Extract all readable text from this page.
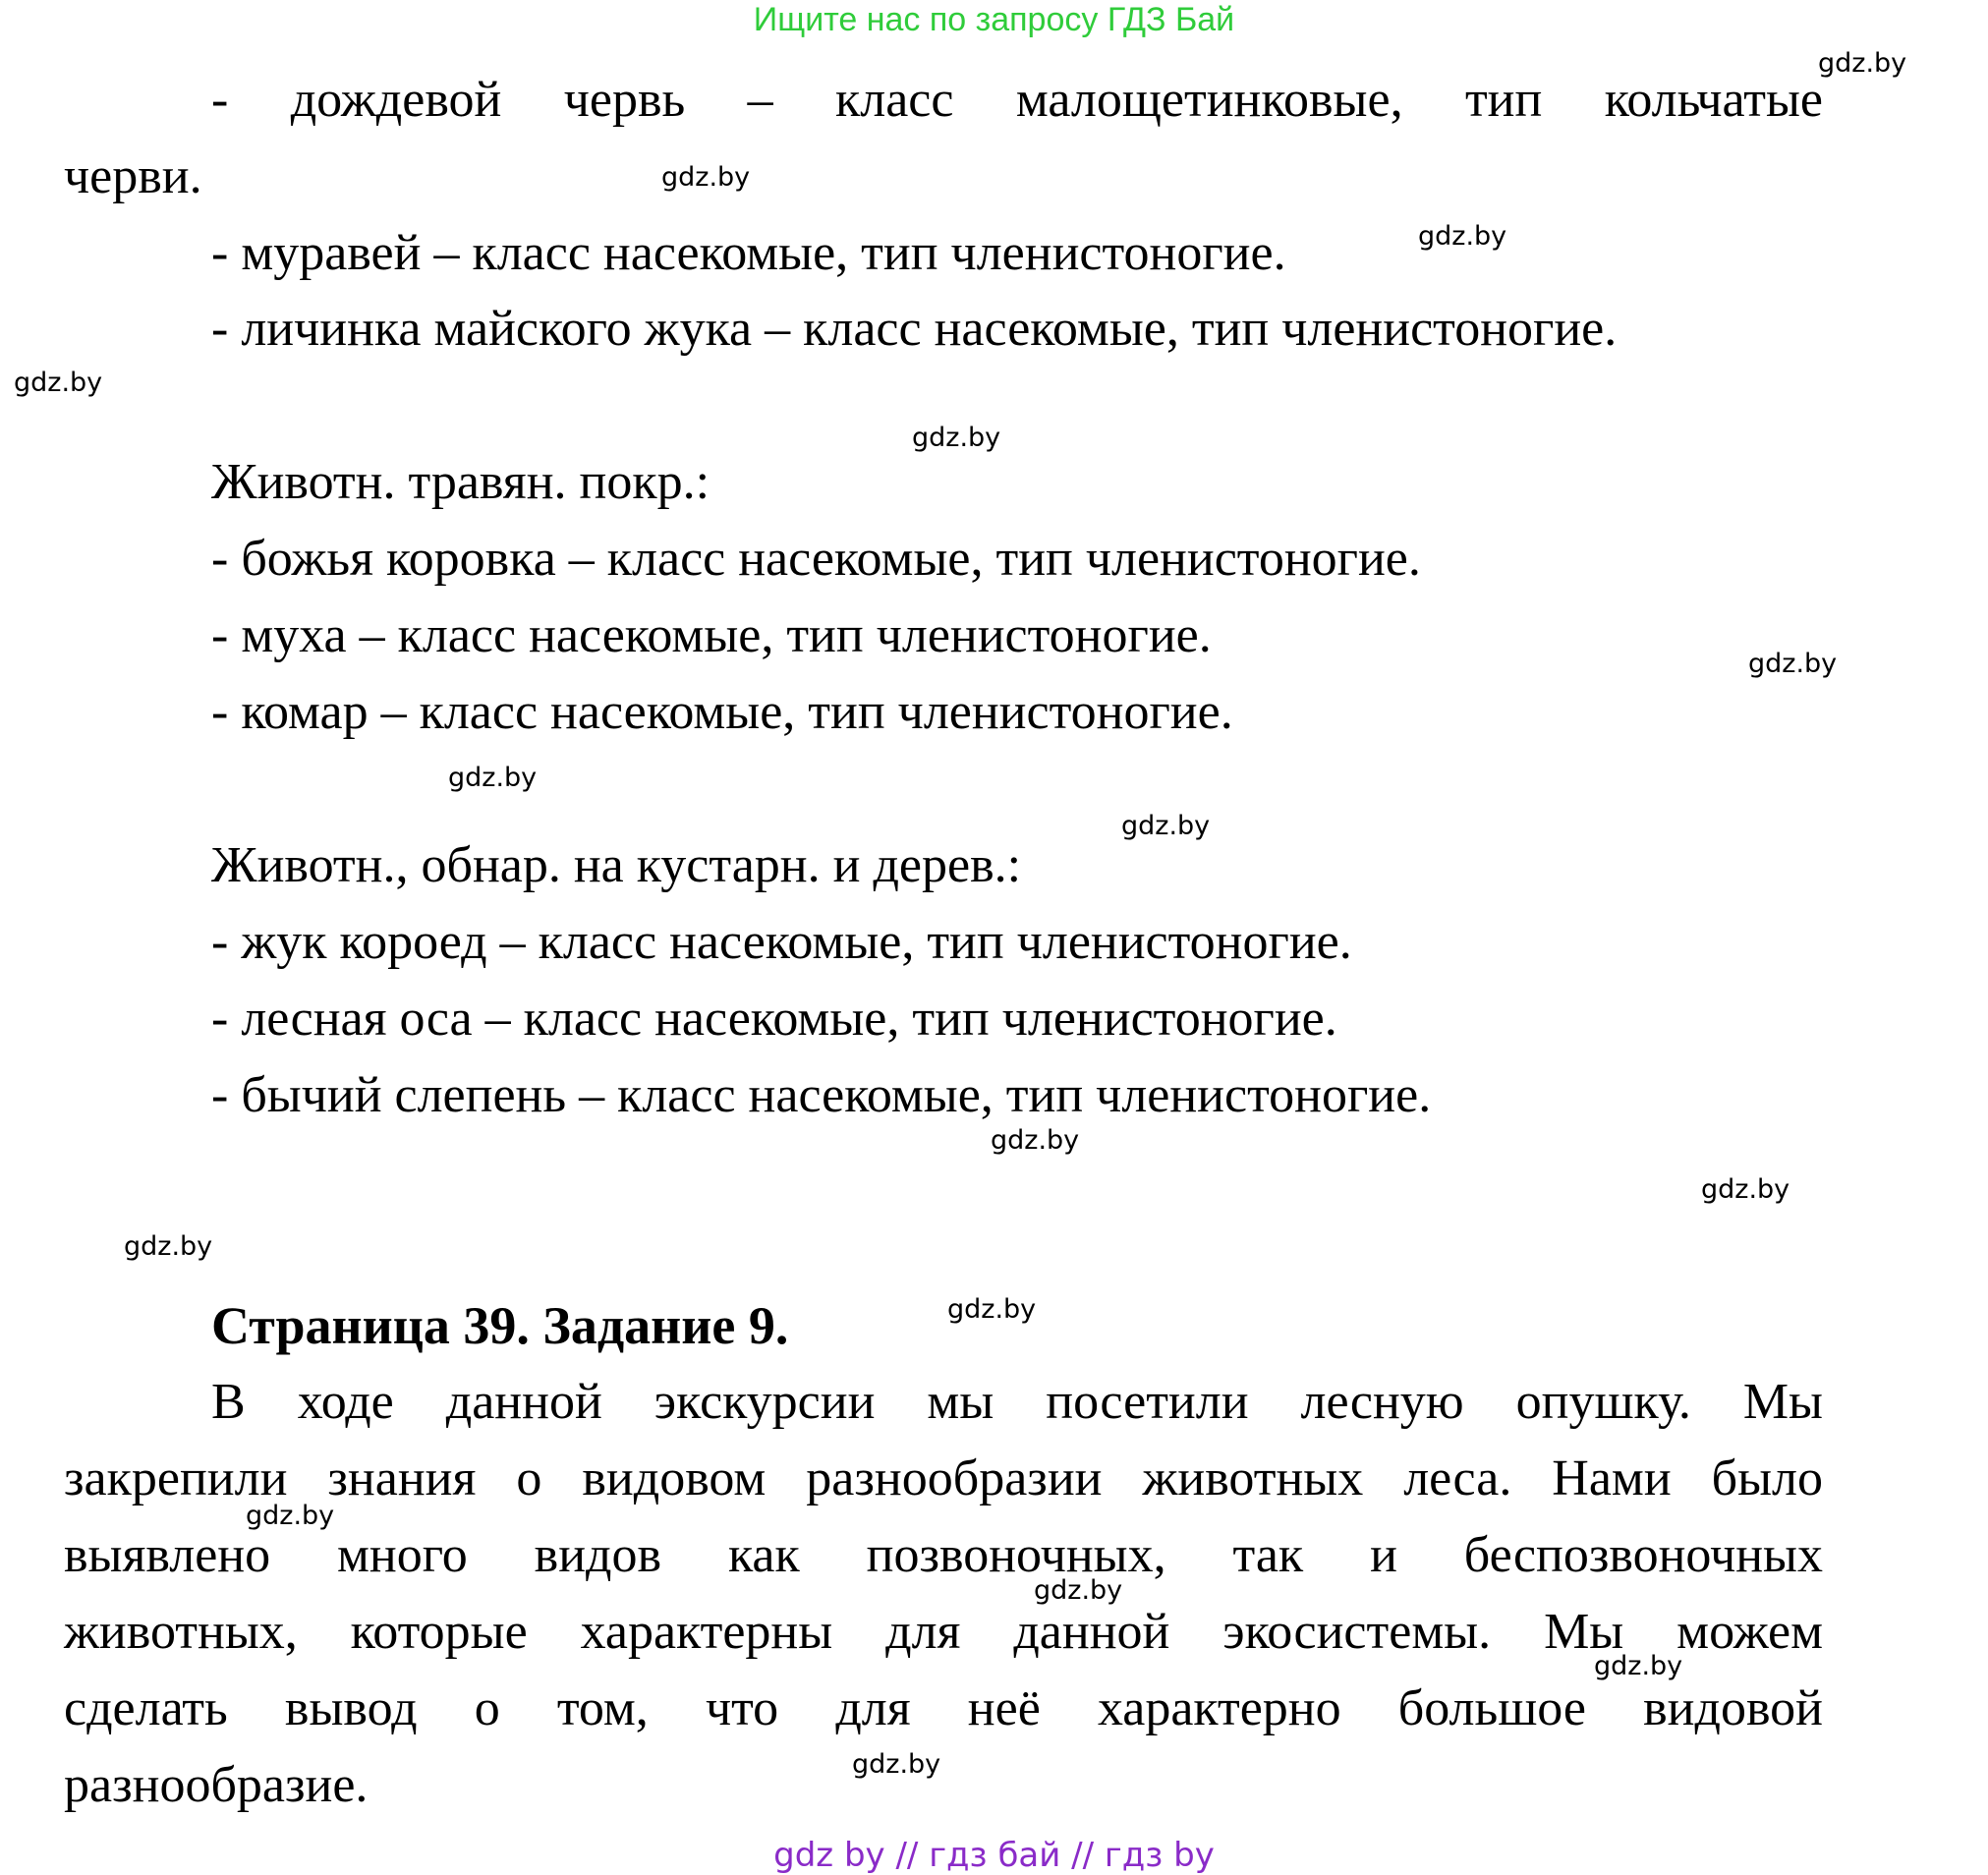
Ищите нас по запросу ГДЗ Бай
- дождевой червь – класс малощетинковые, тип кольчатые
черви.
- муравей – класс насекомые, тип членистоногие.
- личинка майского жука – класс насекомые, тип членистоногие.
Животн. травян. покр.:
- божья коровка – класс насекомые, тип членистоногие.
- муха – класс насекомые, тип членистоногие.
- комар – класс насекомые, тип членистоногие.
Животн., обнар. на кустарн. и дерев.:
- жук короед – класс насекомые, тип членистоногие.
- лесная оса – класс насекомые, тип членистоногие.
- бычий слепень – класс насекомые, тип членистоногие.
Страница 39. Задание 9.
В ходе данной экскурсии мы посетили лесную опушку. Мы
закрепили знания о видовом разнообразии животных леса. Нами было
выявлено много видов как позвоночных, так и беспозвоночных
животных, которые характерны для данной экосистемы. Мы можем
сделать вывод о том, что для неё характерно большое видовой
разнообразие.
gdz.by
gdz.by
gdz.by
gdz.by
gdz.by
gdz.by
gdz.by
gdz.by
gdz.by
gdz.by
gdz.by
gdz.by
gdz.by
gdz.by
gdz.by
gdz.by
gdz by // гдз бай // гдз by
